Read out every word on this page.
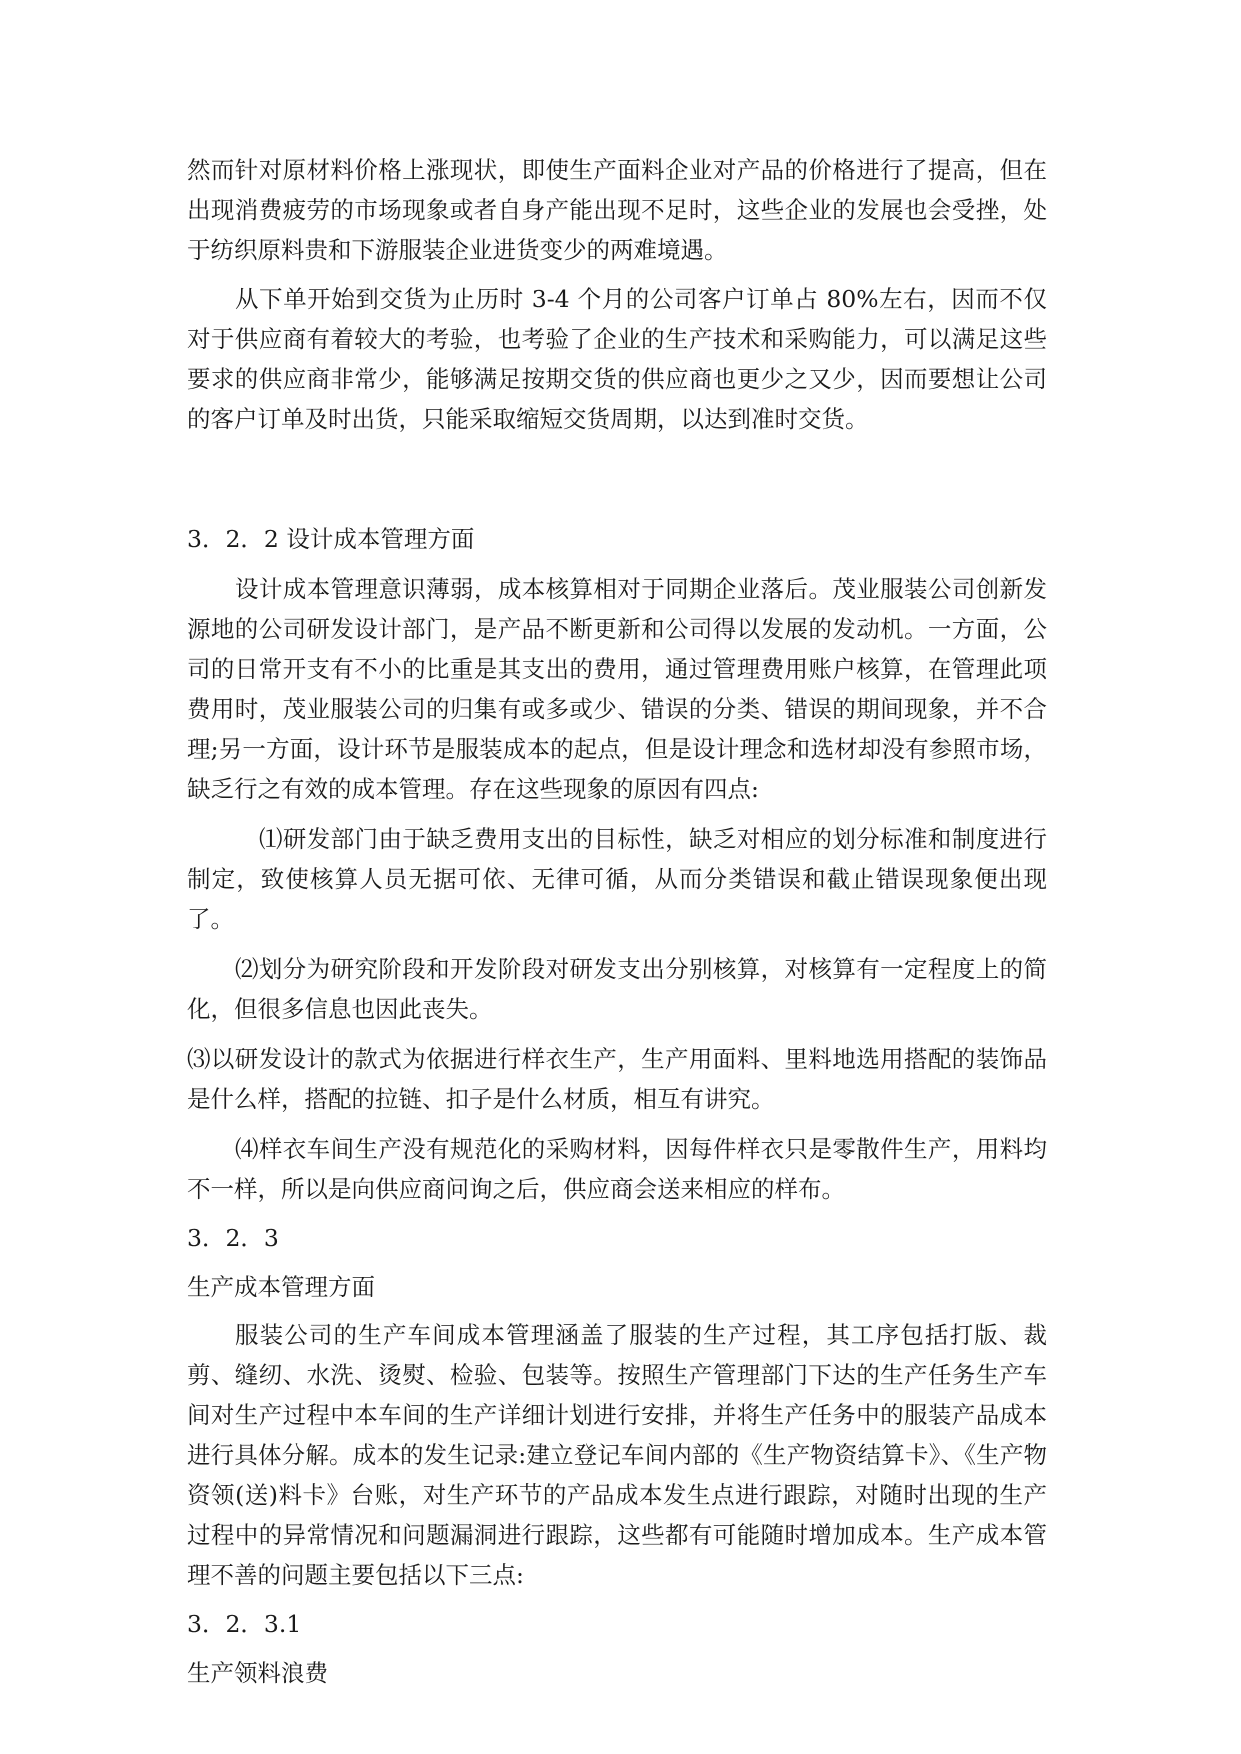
然而针对原材料价格上涨现状，即使生产面料企业对产品的价格进行了提高，但在出现消费疲劳的市场现象或者自身产能出现不足时，这些企业的发展也会受挫，处于纺织原料贵和下游服装企业进货变少的两难境遇。

从下单开始到交货为止历时 3-4 个月的公司客户订单占 80%左右，因而不仅对于供应商有着较大的考验，也考验了企业的生产技术和采购能力，可以满足这些要求的供应商非常少，能够满足按期交货的供应商也更少之又少，因而要想让公司的客户订单及时出货，只能采取缩短交货周期，以达到准时交货。

3．2．2 设计成本管理方面

设计成本管理意识薄弱，成本核算相对于同期企业落后。茂业服装公司创新发源地的公司研发设计部门，是产品不断更新和公司得以发展的发动机。一方面，公司的日常开支有不小的比重是其支出的费用，通过管理费用账户核算，在管理此项费用时，茂业服装公司的归集有或多或少、错误的分类、错误的期间现象，并不合理;另一方面，设计环节是服装成本的起点，但是设计理念和选材却没有参照市场，缺乏行之有效的成本管理。存在这些现象的原因有四点:

⑴研发部门由于缺乏费用支出的目标性，缺乏对相应的划分标准和制度进行制定，致使核算人员无据可依、无律可循，从而分类错误和截止错误现象便出现了。

⑵划分为研究阶段和开发阶段对研发支出分别核算，对核算有一定程度上的简化，但很多信息也因此丧失。

⑶以研发设计的款式为依据进行样衣生产，生产用面料、里料地选用搭配的装饰品是什么样，搭配的拉链、扣子是什么材质，相互有讲究。

⑷样衣车间生产没有规范化的采购材料，因每件样衣只是零散件生产，用料均不一样，所以是向供应商问询之后，供应商会送来相应的样布。

3．2．3

生产成本管理方面

服装公司的生产车间成本管理涵盖了服装的生产过程，其工序包括打版、裁剪、缝纫、水洗、烫熨、检验、包装等。按照生产管理部门下达的生产任务生产车间对生产过程中本车间的生产详细计划进行安排，并将生产任务中的服装产品成本进行具体分解。成本的发生记录:建立登记车间内部的《生产物资结算卡》、《生产物资领(送)料卡》台账，对生产环节的产品成本发生点进行跟踪，对随时出现的生产过程中的异常情况和问题漏洞进行跟踪，这些都有可能随时增加成本。生产成本管理不善的问题主要包括以下三点:

3．2．3.1

生产领料浪费
